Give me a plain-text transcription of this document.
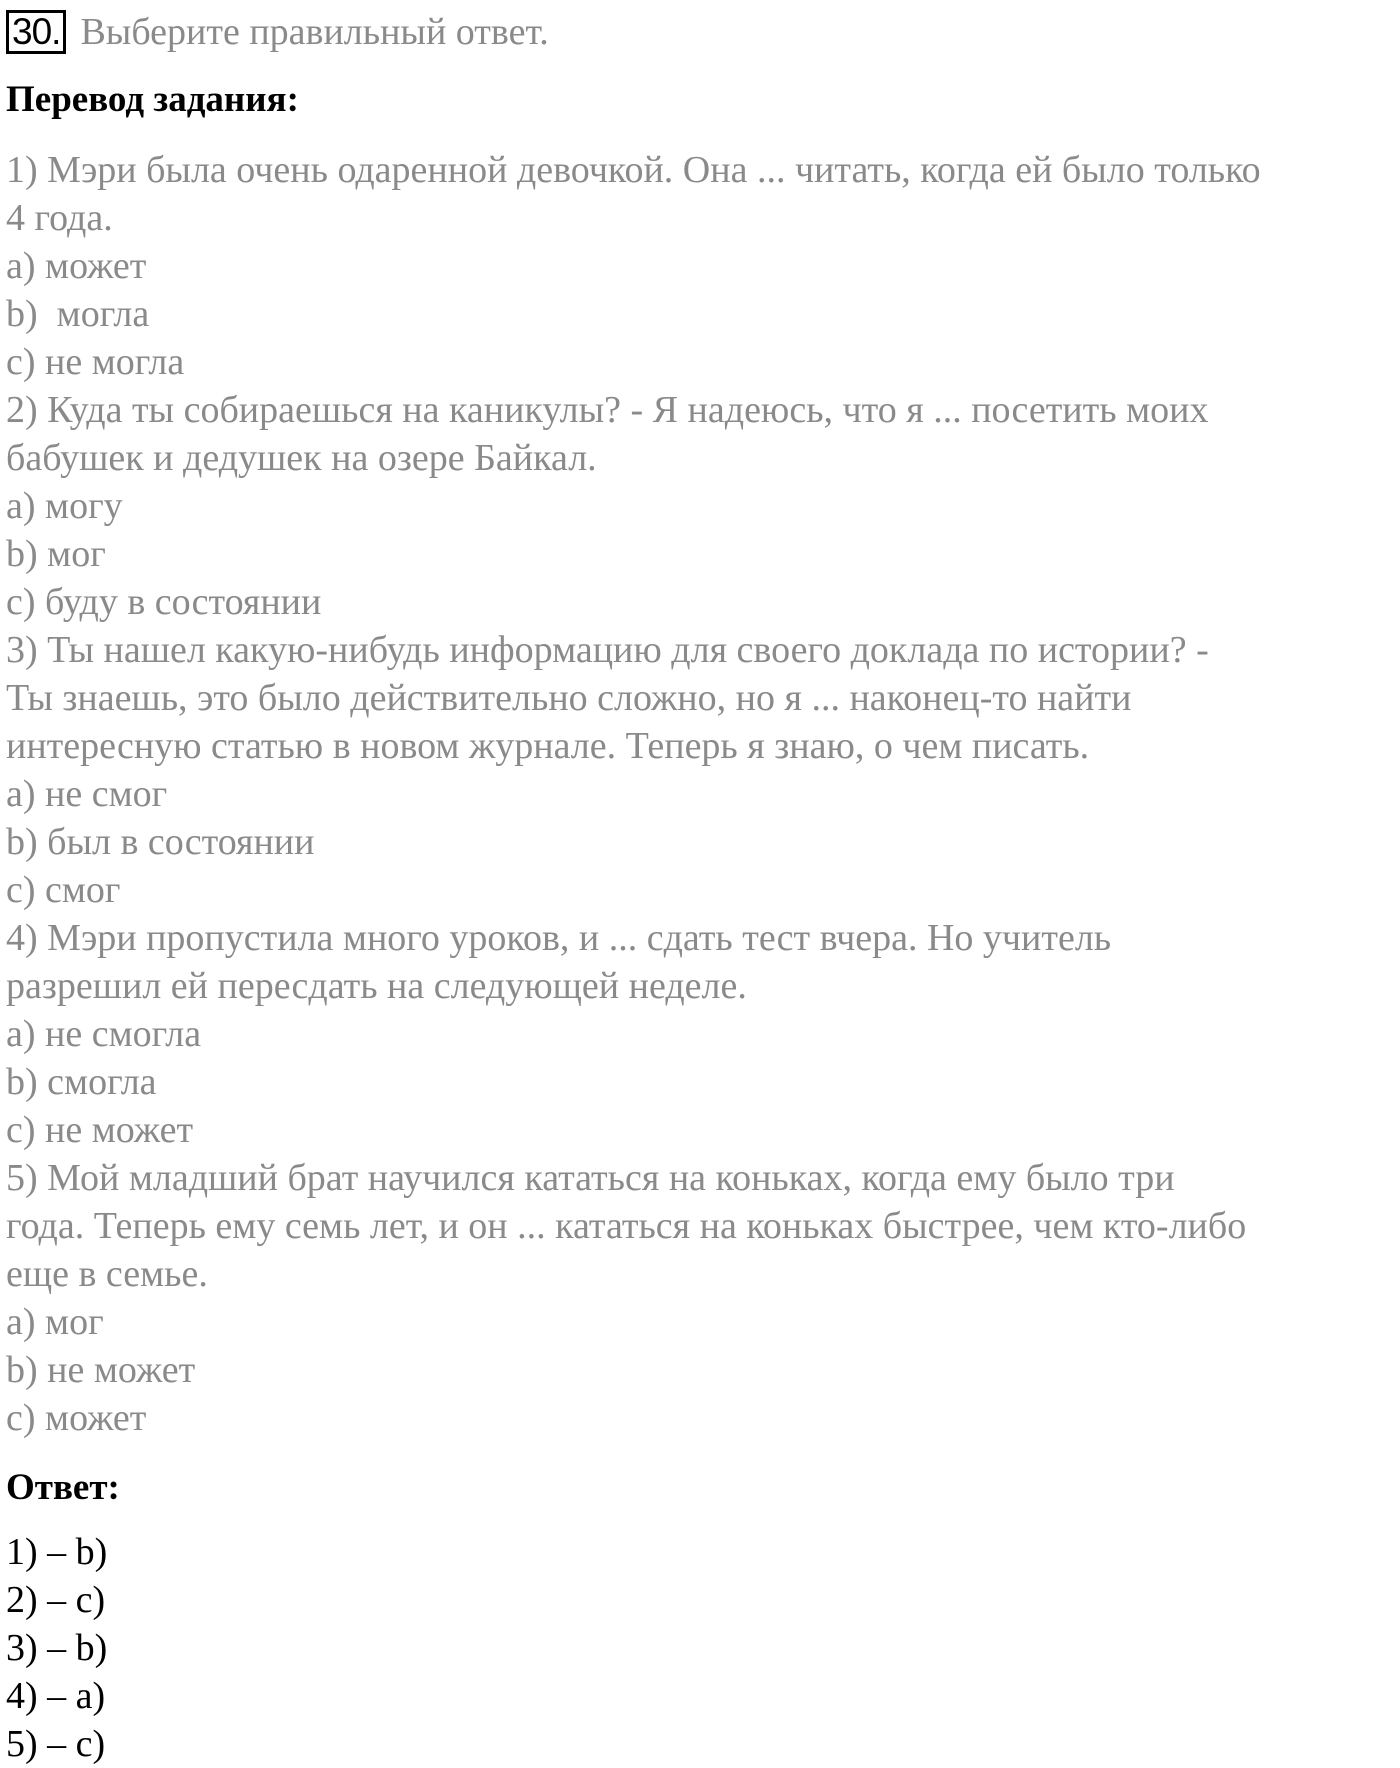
30. Выберите правильный ответ.
Перевод задания:
1) Мэри была очень одаренной девочкой. Она ... читать, когда ей было только
4 года.
a) может
b)  могла
c) не могла
2) Куда ты собираешься на каникулы? - Я надеюсь, что я ... посетить моих
бабушек и дедушек на озере Байкал.
a) могу
b) мог
c) буду в состоянии
3) Ты нашел какую-нибудь информацию для своего доклада по истории? -
Ты знаешь, это было действительно сложно, но я ... наконец-то найти
интересную статью в новом журнале. Теперь я знаю, о чем писать.
a) не смог
b) был в состоянии
c) смог
4) Мэри пропустила много уроков, и ... сдать тест вчера. Но учитель
разрешил ей пересдать на следующей неделе.
a) не смогла
b) смогла
c) не может
5) Мой младший брат научился кататься на коньках, когда ему было три
года. Теперь ему семь лет, и он ... кататься на коньках быстрее, чем кто-либо
еще в семье.
a) мог
b) не может
c) может
Ответ:
1) – b)
2) – c)
3) – b)
4) – a)
5) – c)
